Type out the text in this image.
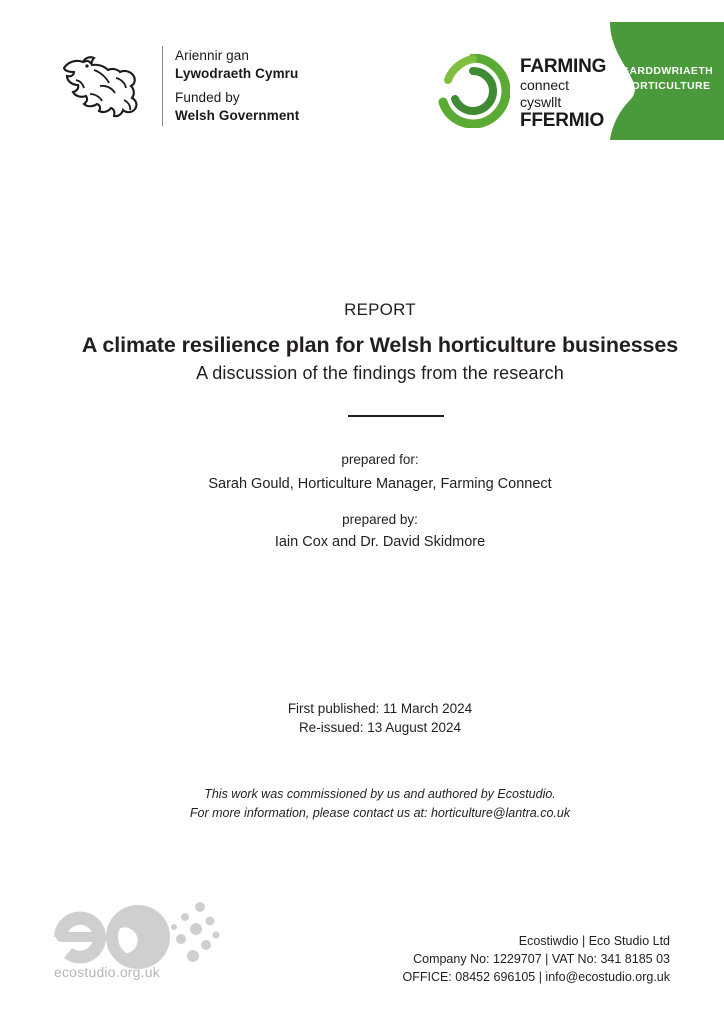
Ariennir gan
Lywodraeth Cymru
Funded by
Welsh Government
FARMING
connect
cyswllt
FFERMIO
GARDDWRIAETH
HORTICULTURE
REPORT
A climate resilience plan for Welsh horticulture businesses
A discussion of the findings from the research
prepared for:
Sarah Gould, Horticulture Manager, Farming Connect
prepared by:
Iain Cox and Dr. David Skidmore
First published: 11 March 2024
Re-issued: 13 August 2024
This work was commissioned by us and authored by Ecostudio.
For more information, please contact us at: horticulture@lantra.co.uk
ecostudio.org.uk
Ecostiwdio | Eco Studio Ltd
Company No: 1229707 | VAT No: 341 8185 03
OFFICE: 08452 696105 | info@ecostudio.org.uk
